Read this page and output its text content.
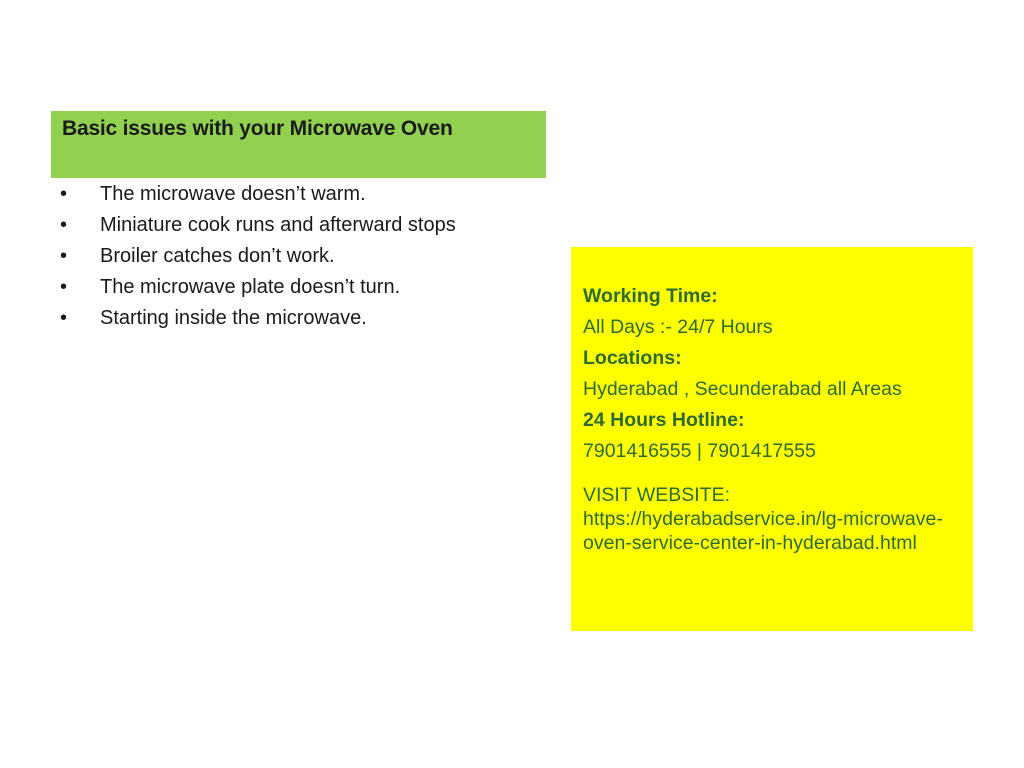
Basic issues with your Microwave Oven
• The microwave doesn’t warm.
• Miniature cook runs and afterward stops
• Broiler catches don’t work.
• The microwave plate doesn’t turn.
• Starting inside the microwave.
Working Time:
All Days :- 24/7 Hours
Locations:
Hyderabad , Secunderabad all Areas
24 Hours Hotline:
7901416555 | 7901417555
VISIT WEBSITE:
https://hyderabadservice.in/lg-microwave-oven-service-center-in-hyderabad.html
